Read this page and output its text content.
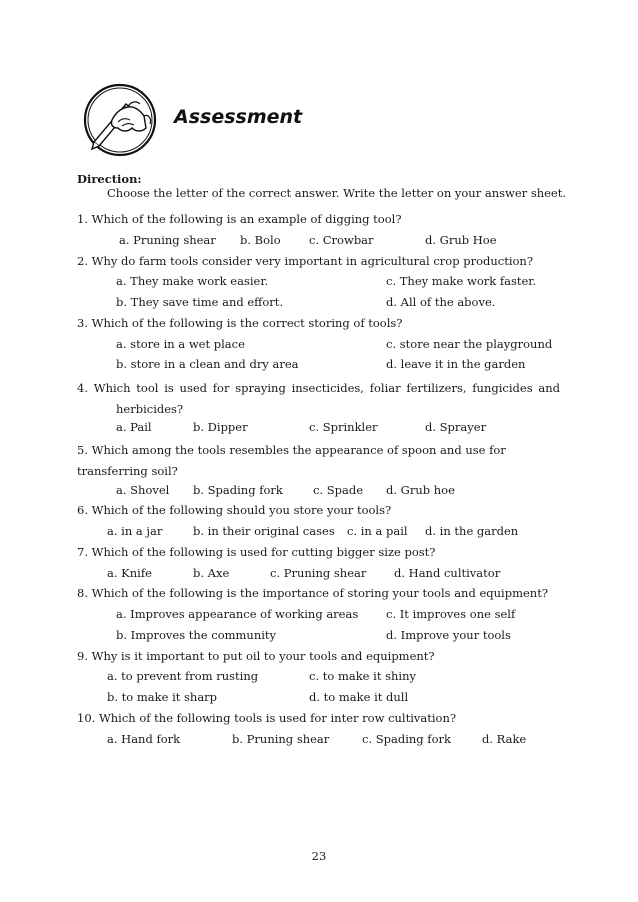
Assessment
Direction:
Choose the letter of the correct answer. Write the letter on your answer sheet.
1. Which of the following is an example of digging tool?
a. Pruning shear b. Bolo c. Crowbar	d. Grub Hoe
2. Why do farm tools consider very important in agricultural crop production?
a. They make work easier.	c. They make work faster.
b. They save time and effort.	d. All of the above.
3. Which of the following is the correct storing of tools?
a. store in a wet place	c. store near the playground
b. store in a clean and dry area	d. leave it in the garden
4. Which tool is used for spraying insecticides, foliar fertilizers, fungicides and
herbicides?
a. Pail	b. Dipper	c. Sprinkler	d. Sprayer
5. Which among the tools resembles the appearance of spoon and use for transferring soil?
a. Shovel b. Spading fork	c. Spade d. Grub hoe
6. Which of the following should you store your tools?
a. in a jar	b. in their original cases c. in a pail d. in the garden
7. Which of the following is used for cutting bigger size post?
a. Knife	b. Axe	c. Pruning shear d. Hand cultivator
8. Which of the following is the importance of storing your tools and equipment?
a. Improves appearance of working areas c. It improves one self
b. Improves the community	d. Improve your tools
9. Why is it important to put oil to your tools and equipment?
a. to prevent from rusting	c. to make it shiny
b. to make it sharp	d. to make it dull
10. Which of the following tools is used for inter row cultivation?
a. Hand fork	b. Pruning shear	c. Spading fork	d. Rake
23
